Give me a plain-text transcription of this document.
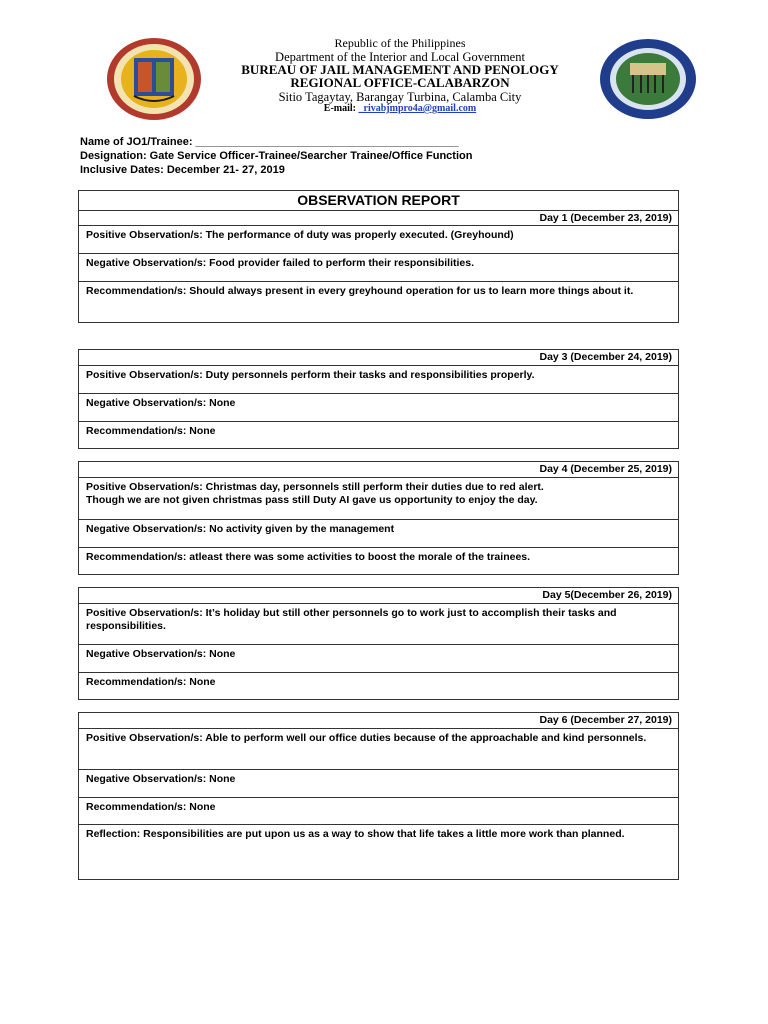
Republic of the Philippines
Department of the Interior and Local Government
BUREAU OF JAIL MANAGEMENT AND PENOLOGY
REGIONAL OFFICE-CALABARZON
Sitio Tagaytay, Barangay Turbina, Calamba City
E-mail: _rivabjmpro4a@gmail.com
Name of JO1/Trainee: ___________________________________________
Designation: Gate Service Officer-Trainee/Searcher Trainee/Office Function
Inclusive Dates: December 21- 27, 2019
OBSERVATION REPORT
Day 1 (December 23, 2019)
Positive Observation/s: The performance of duty was properly executed. (Greyhound)
Negative Observation/s: Food provider failed to perform their responsibilities.
Recommendation/s: Should always present in every greyhound operation for us to learn more things about it.
Day 3 (December 24, 2019)
Positive Observation/s: Duty personnels perform their tasks and responsibilities properly.
Negative Observation/s: None
Recommendation/s: None
Day 4 (December 25, 2019)
Positive Observation/s: Christmas day, personnels still perform their duties due to red alert.
Though we are not given christmas pass still Duty AI gave us opportunity to enjoy the day.
Negative Observation/s: No activity given by the management
Recommendation/s: atleast there was some activities to boost the morale of the trainees.
Day 5(December 26, 2019)
Positive Observation/s: It’s holiday but still other personnels go to work just to accomplish their tasks and responsibilities.
Negative Observation/s: None
Recommendation/s: None
Day 6 (December 27, 2019)
Positive Observation/s: Able to perform well our office duties because of the approachable and kind personnels.
Negative Observation/s: None
Recommendation/s: None
Reflection: Responsibilities are put upon us as a way to show that life takes a little more work than planned.
